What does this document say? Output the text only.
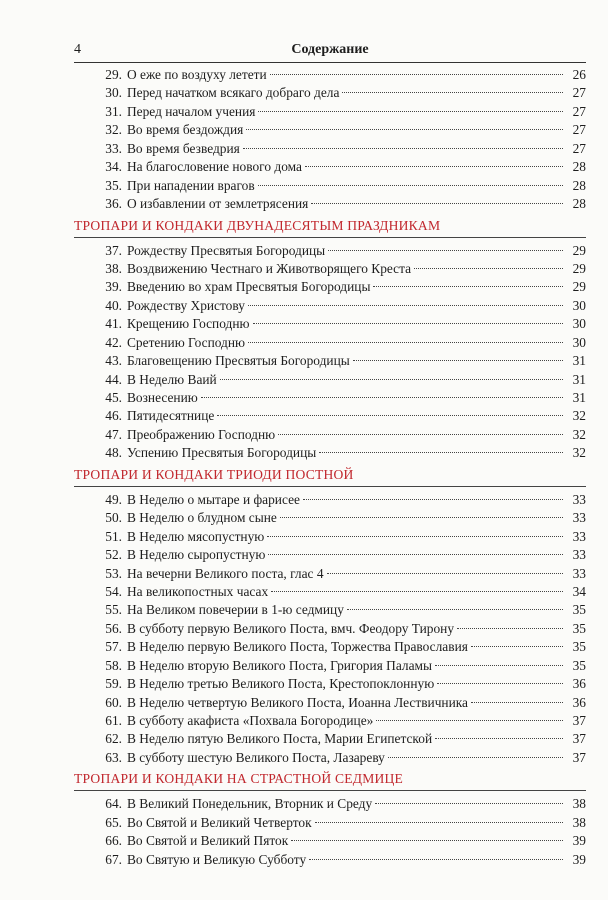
4	Содержание
29. О еже по воздуху летети	26
30. Перед начатком всякаго добраго дела	27
31. Перед началом учения	27
32. Во время бездождия	27
33. Во время безведрия	27
34. На благословение нового дома	28
35. При нападении врагов	28
36. О избавлении от землетрясения	28
ТРОПАРИ И КОНДАКИ ДВУНАДЕСЯТЫМ ПРАЗДНИКАМ
37. Рождеству Пресвятыя Богородицы	29
38. Воздвижению Честнаго и Животворящего Креста	29
39. Введению во храм Пресвятыя Богородицы	29
40. Рождеству Христову	30
41. Крещению Господню	30
42. Сретению Господню	30
43. Благовещению Пресвятыя Богородицы	31
44. В Неделю Ваий	31
45. Вознесению	31
46. Пятидесятнице	32
47. Преображению Господню	32
48. Успению Пресвятыя Богородицы	32
ТРОПАРИ И КОНДАКИ ТРИОДИ ПОСТНОЙ
49. В Неделю о мытаре и фарисее	33
50. В Неделю о блудном сыне	33
51. В Неделю мясопустную	33
52. В Неделю сыропустную	33
53. На вечерни Великого поста, глас 4	33
54. На великопостных часах	34
55. На Великом повечерии в 1-ю седмицу	35
56. В субботу первую Великого Поста, вмч. Феодору Тирону	35
57. В Неделю первую Великого Поста, Торжества Православия	35
58. В Неделю вторую Великого Поста, Григория Паламы	35
59. В Неделю третью Великого Поста, Крестопоклонную	36
60. В Неделю четвертую Великого Поста, Иоанна Лествичника	36
61. В субботу акафиста «Похвала Богородице»	37
62. В Неделю пятую Великого Поста, Марии Египетской	37
63. В субботу шестую Великого Поста, Лазареву	37
ТРОПАРИ И КОНДАКИ НА СТРАСТНОЙ СЕДМИЦЕ
64. В Великий Понедельник, Вторник и Среду	38
65. Во Святой и Великий Четверток	38
66. Во Святой и Великий Пяток	39
67. Во Святую и Великую Субботу	39
